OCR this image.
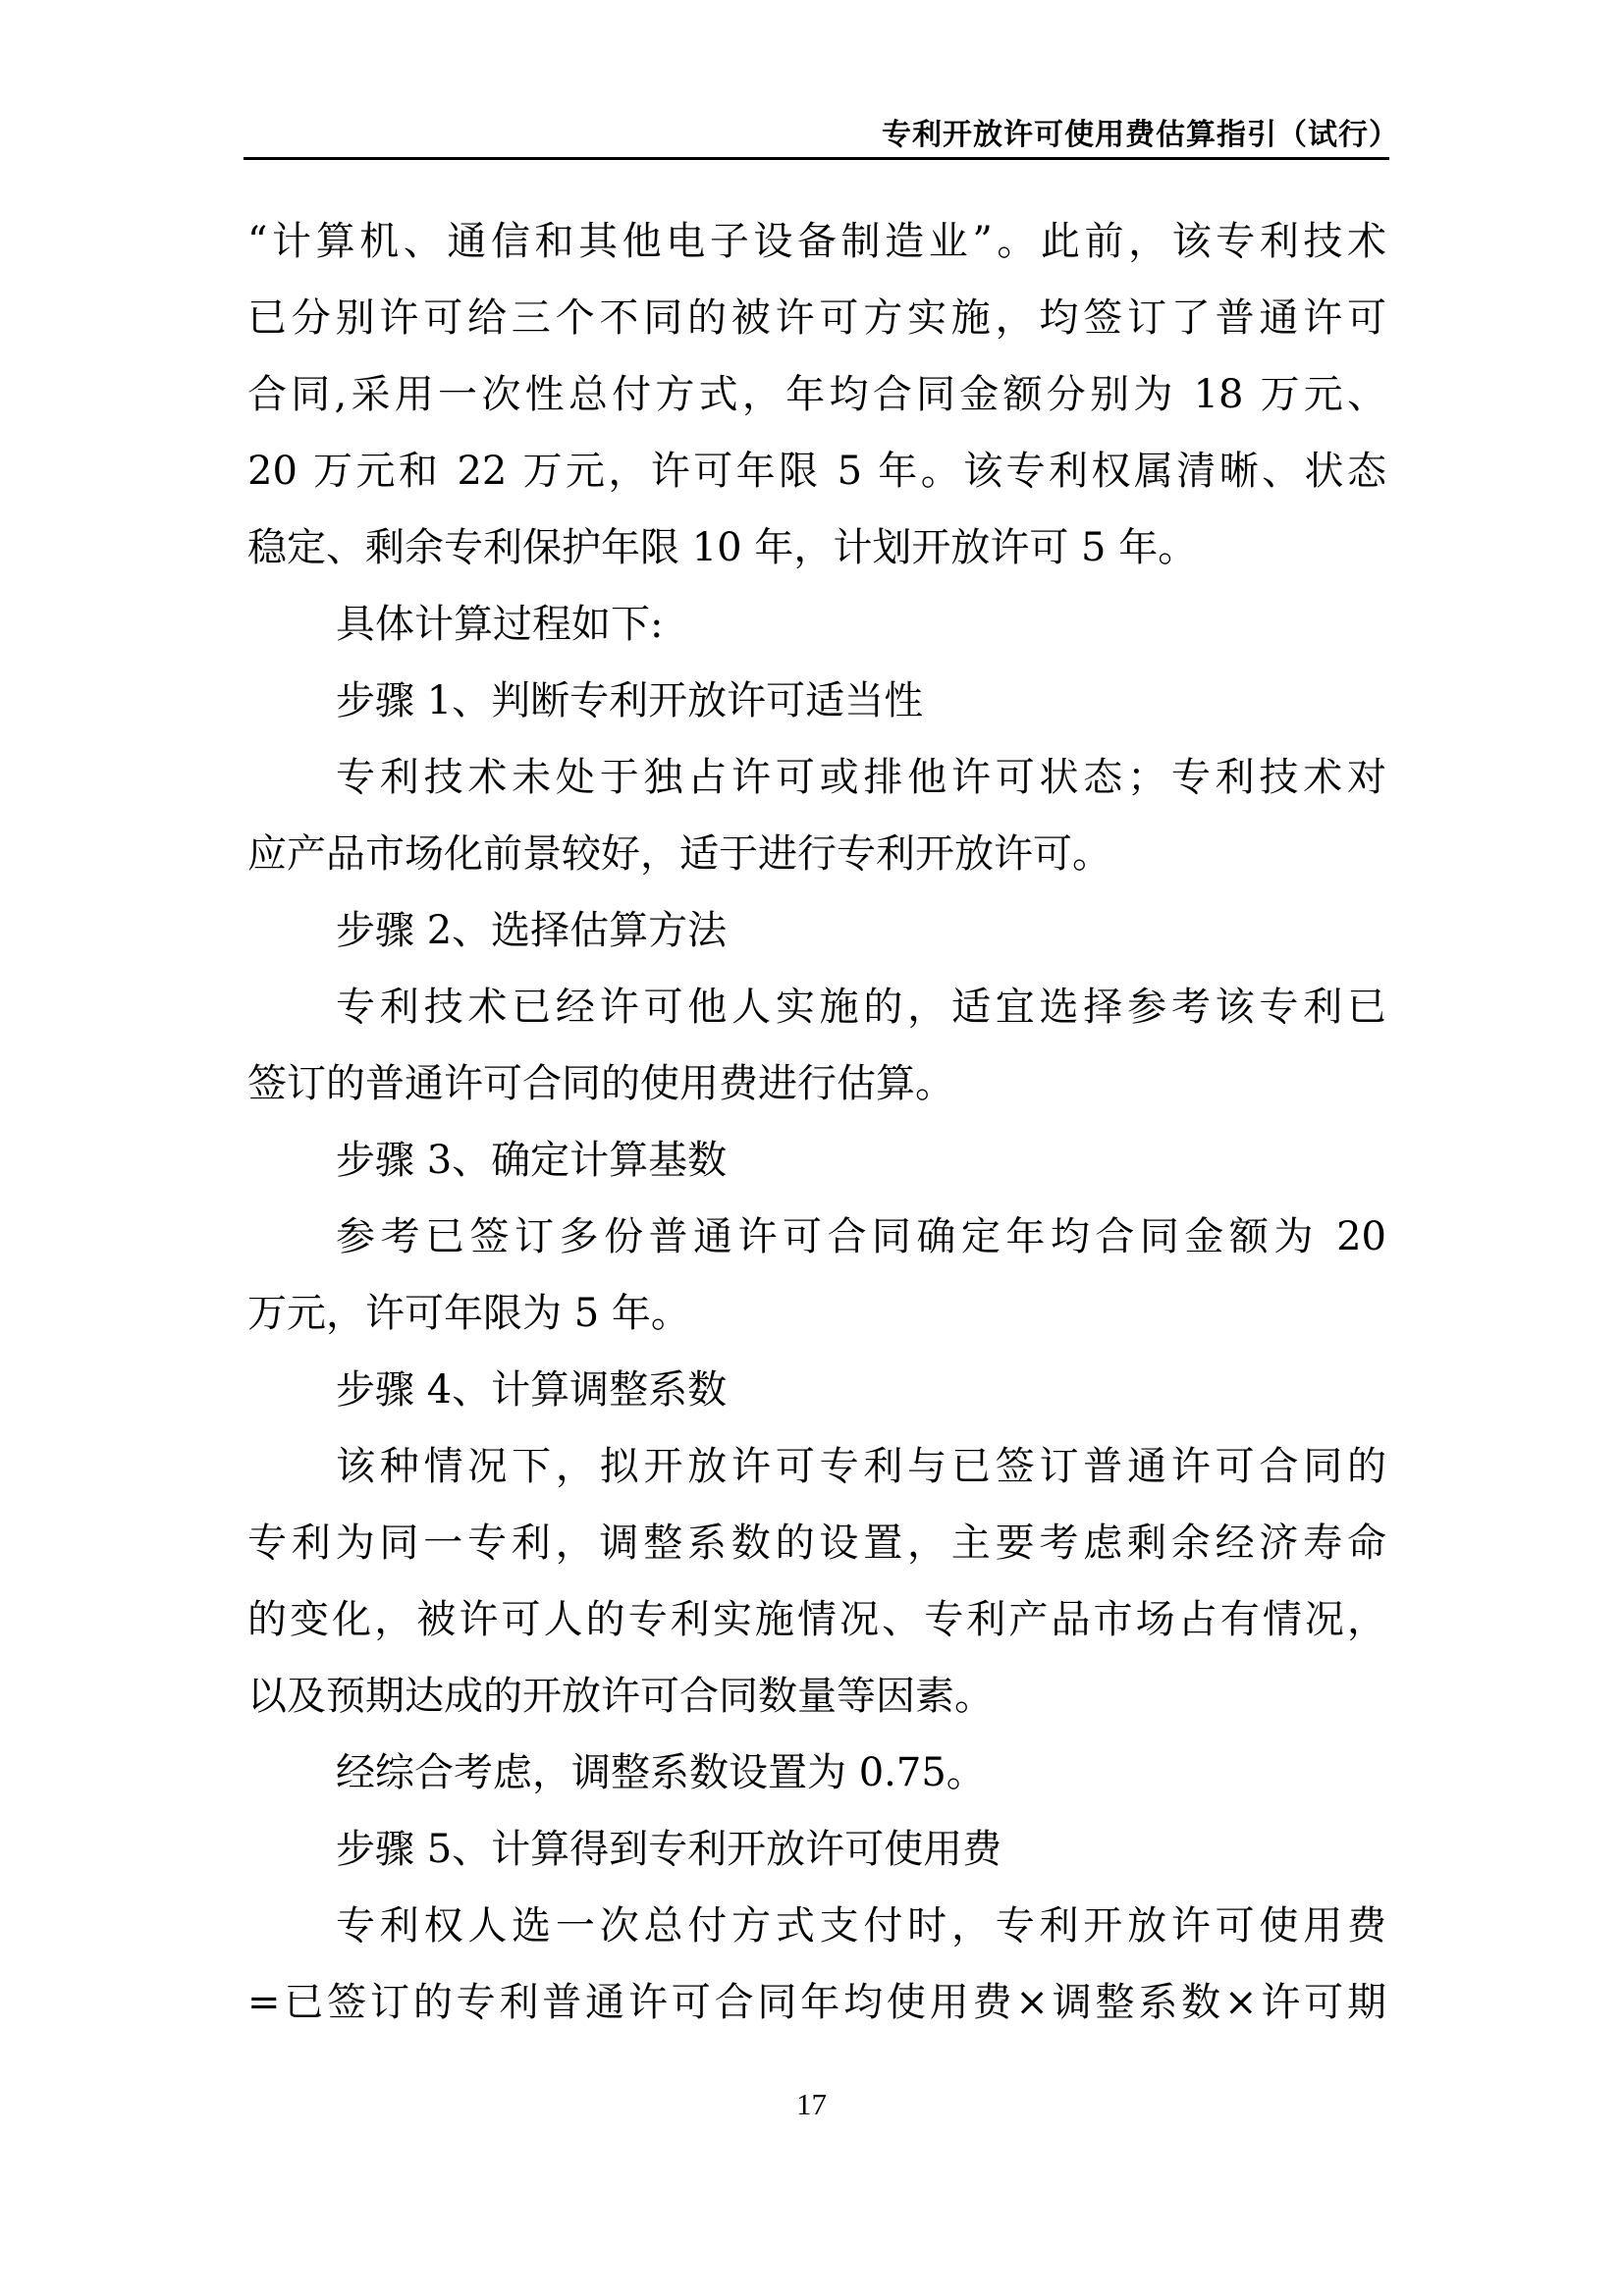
专利开放许可使用费估算指引（试行）
“计算机、通信和其他电子设备制造业”。此前，该专利技术
已分别许可给三个不同的被许可方实施，均签订了普通许可
合同,采用一次性总付方式，年均合同金额分别为 18 万元、
20 万元和 22 万元，许可年限 5 年。该专利权属清晰、状态
稳定、剩余专利保护年限 10 年，计划开放许可 5 年。
具体计算过程如下:
步骤 1、判断专利开放许可适当性
专利技术未处于独占许可或排他许可状态；专利技术对
应产品市场化前景较好，适于进行专利开放许可。
步骤 2、选择估算方法
专利技术已经许可他人实施的，适宜选择参考该专利已
签订的普通许可合同的使用费进行估算。
步骤 3、确定计算基数
参考已签订多份普通许可合同确定年均合同金额为 20
万元，许可年限为 5 年。
步骤 4、计算调整系数
该种情况下，拟开放许可专利与已签订普通许可合同的
专利为同一专利，调整系数的设置，主要考虑剩余经济寿命
的变化，被许可人的专利实施情况、专利产品市场占有情况，
以及预期达成的开放许可合同数量等因素。
经综合考虑，调整系数设置为 0.75。
步骤 5、计算得到专利开放许可使用费
专利权人选一次总付方式支付时，专利开放许可使用费
=已签订的专利普通许可合同年均使用费×调整系数×许可期
17
